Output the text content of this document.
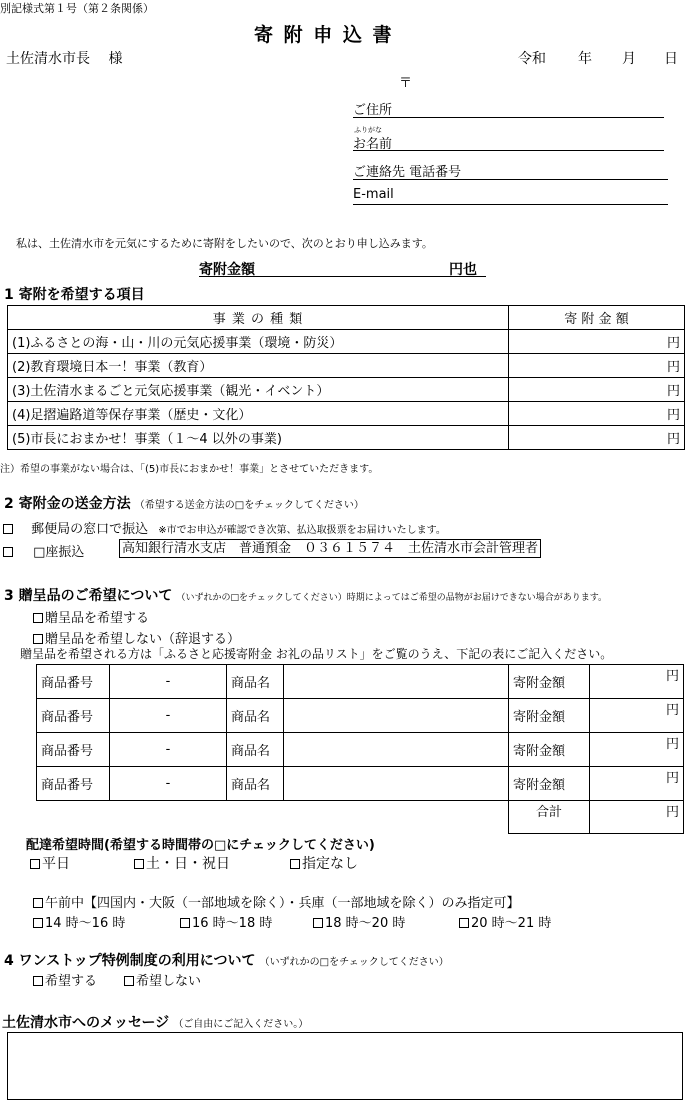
別記様式第１号（第２条関係）
寄 附 申 込 書
土佐清水市長　 様	令和 年 月 日
〒
ご住所
ふりがな
お名前
ご連絡先 電話番号
E-mail
私は、土佐清水市を元気にするために寄附をしたいので、次のとおり申し込みます。
寄附金額	円也
1 寄附を希望する項目
事 業 の 種 類	寄 附 金 額
(1)ふるさとの海・山・川の元気応援事業（環境・防災）	円
(2)教育環境日本一！事業（教育）	円
(3)土佐清水まるごと元気応援事業（観光・イベント）	円
(4)足摺遍路道等保存事業（歴史・文化）	円
(5)市長におまかせ！事業（１～4 以外の事業)	円
注）希望の事業がない場合は、「(5)市長におまかせ！事業」とさせていただきます。
2 寄附金の送金方法 （希望する送金方法の□をチェックしてください）
郵便局の窓口で振込 ※市でお申込が確認でき次第、払込取扱票をお届けいたします。
□座振込	高知銀行清水支店　普通預金　０３６１５７４　土佐清水市会計管理者
3 贈呈品のご希望について （いずれかの□をチェックしてください）時期によってはご希望の品物がお届けできない場合があります。
贈呈品を希望する
贈呈品を希望しない（辞退する）
贈呈品を希望される方は「ふるさと応援寄附金 お礼の品リスト」をご覧のうえ、下記の表にご記入ください。
商品番号	-	商品名		寄附金額	円
商品番号	-	商品名		寄附金額	円
商品番号	-	商品名		寄附金額	円
商品番号	-	商品名		寄附金額	円
				合計	円
配達希望時間(希望する時間帯の□にチェックしてください)
平日	土・日・祝日	指定なし
午前中【四国内・大阪（一部地域を除く）・兵庫（一部地域を除く）のみ指定可】
14 時～16 時	16 時～18 時	18 時～20 時	20 時～21 時
4 ワンストップ特例制度の利用について （いずれかの□をチェックしてください）
希望する	希望しない
土佐清水市へのメッセージ （ご自由にご記入ください。）
